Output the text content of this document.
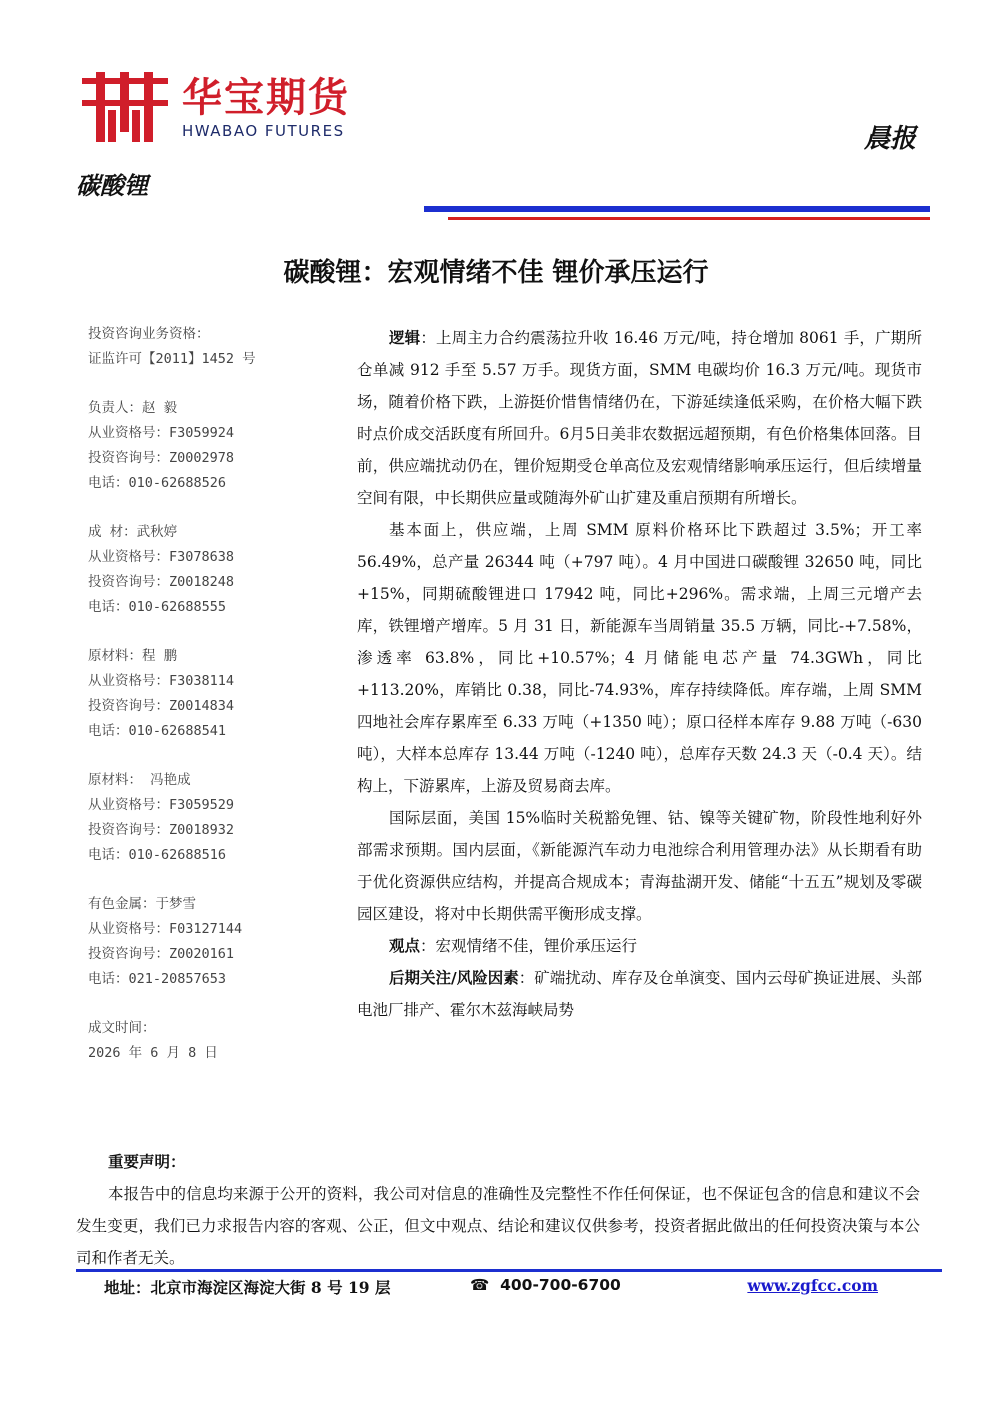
华宝期货
HWABAO FUTURES	晨报
碳酸锂
碳酸锂：宏观情绪不佳 锂价承压运行
投资咨询业务资格：
证监许可【2011】1452 号
负责人：赵 毅
从业资格号：F3059924
投资咨询号：Z0002978
电话：010-62688526
成 材：武秋婷
从业资格号：F3078638
投资咨询号：Z0018248
电话：010-62688555
原材料：程 鹏
从业资格号：F3038114
投资咨询号：Z0014834
电话：010-62688541
原材料： 冯艳成
从业资格号：F3059529
投资咨询号：Z0018932
电话：010-62688516
有色金属：于梦雪
从业资格号：F03127144
投资咨询号：Z0020161
电话：021-20857653
成文时间：
2026 年 6 月 8 日

逻辑：上周主力合约震荡拉升收 16.46 万元/吨，持仓增加 8061 手，广期所仓单减 912 手至 5.57 万手。现货方面，SMM 电碳均价 16.3 万元/吨。现货市场，随着价格下跌，上游挺价惜售情绪仍在，下游延续逢低采购，在价格大幅下跌时点价成交活跃度有所回升。6月5日美非农数据远超预期，有色价格集体回落。目前，供应端扰动仍在，锂价短期受仓单高位及宏观情绪影响承压运行，但后续增量空间有限，中长期供应量或随海外矿山扩建及重启预期有所增长。

基本面上，供应端，上周 SMM 原料价格环比下跌超过 3.5%；开工率 56.49%，总产量 26344 吨（+797 吨）。4 月中国进口碳酸锂 32650 吨，同比+15%，同期硫酸锂进口 17942 吨，同比+296%。需求端，上周三元增产去库，铁锂增产增库。5 月 31 日，新能源车当周销量 35.5 万辆，同比-+7.58%，渗透率 63.8%，同比+10.57%；4 月储能电芯产量 74.3GWh，同比+113.20%，库销比 0.38，同比-74.93%，库存持续降低。库存端，上周 SMM 四地社会库存累库至 6.33 万吨（+1350 吨）；原口径样本库存 9.88 万吨（-630 吨），大样本总库存 13.44 万吨（-1240 吨），总库存天数 24.3 天（-0.4 天）。结构上，下游累库，上游及贸易商去库。

国际层面，美国 15%临时关税豁免锂、钴、镍等关键矿物，阶段性地利好外部需求预期。国内层面，《新能源汽车动力电池综合利用管理办法》从长期看有助于优化资源供应结构，并提高合规成本；青海盐湖开发、储能“十五五”规划及零碳园区建设，将对中长期供需平衡形成支撑。

观点：宏观情绪不佳，锂价承压运行

后期关注/风险因素：矿端扰动、库存及仓单演变、国内云母矿换证进展、头部电池厂排产、霍尔木兹海峡局势

重要声明：

本报告中的信息均来源于公开的资料，我公司对信息的准确性及完整性不作任何保证，也不保证包含的信息和建议不会发生变更，我们已力求报告内容的客观、公正，但文中观点、结论和建议仅供参考，投资者据此做出的任何投资决策与本公司和作者无关。

地址：北京市海淀区海淀大街 8 号 19 层	☎ 400-700-6700	www.zgfcc.com
